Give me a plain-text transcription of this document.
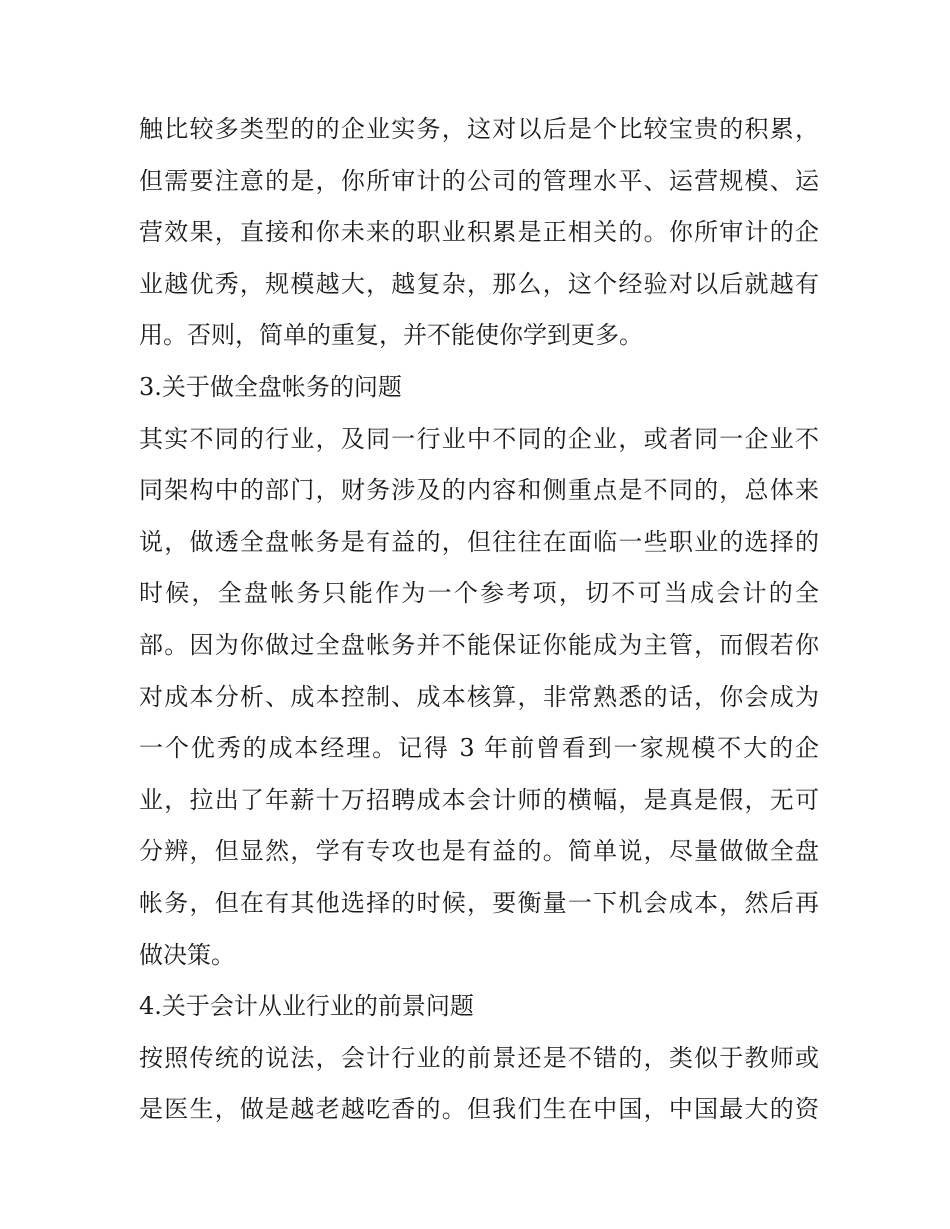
触比较多类型的的企业实务，这对以后是个比较宝贵的积累，
但需要注意的是，你所审计的公司的管理水平、运营规模、运
营效果，直接和你未来的职业积累是正相关的。你所审计的企
业越优秀，规模越大，越复杂，那么，这个经验对以后就越有
用。否则，简单的重复，并不能使你学到更多。
3.关于做全盘帐务的问题
其实不同的行业，及同一行业中不同的企业，或者同一企业不
同架构中的部门，财务涉及的内容和侧重点是不同的，总体来
说，做透全盘帐务是有益的，但往往在面临一些职业的选择的
时候，全盘帐务只能作为一个参考项，切不可当成会计的全
部。因为你做过全盘帐务并不能保证你能成为主管，而假若你
对成本分析、成本控制、成本核算，非常熟悉的话，你会成为
一个优秀的成本经理。记得 3 年前曾看到一家规模不大的企
业，拉出了年薪十万招聘成本会计师的横幅，是真是假，无可
分辨，但显然，学有专攻也是有益的。简单说，尽量做做全盘
帐务，但在有其他选择的时候，要衡量一下机会成本，然后再
做决策。
4.关于会计从业行业的前景问题
按照传统的说法，会计行业的前景还是不错的，类似于教师或
是医生，做是越老越吃香的。但我们生在中国，中国最大的资
